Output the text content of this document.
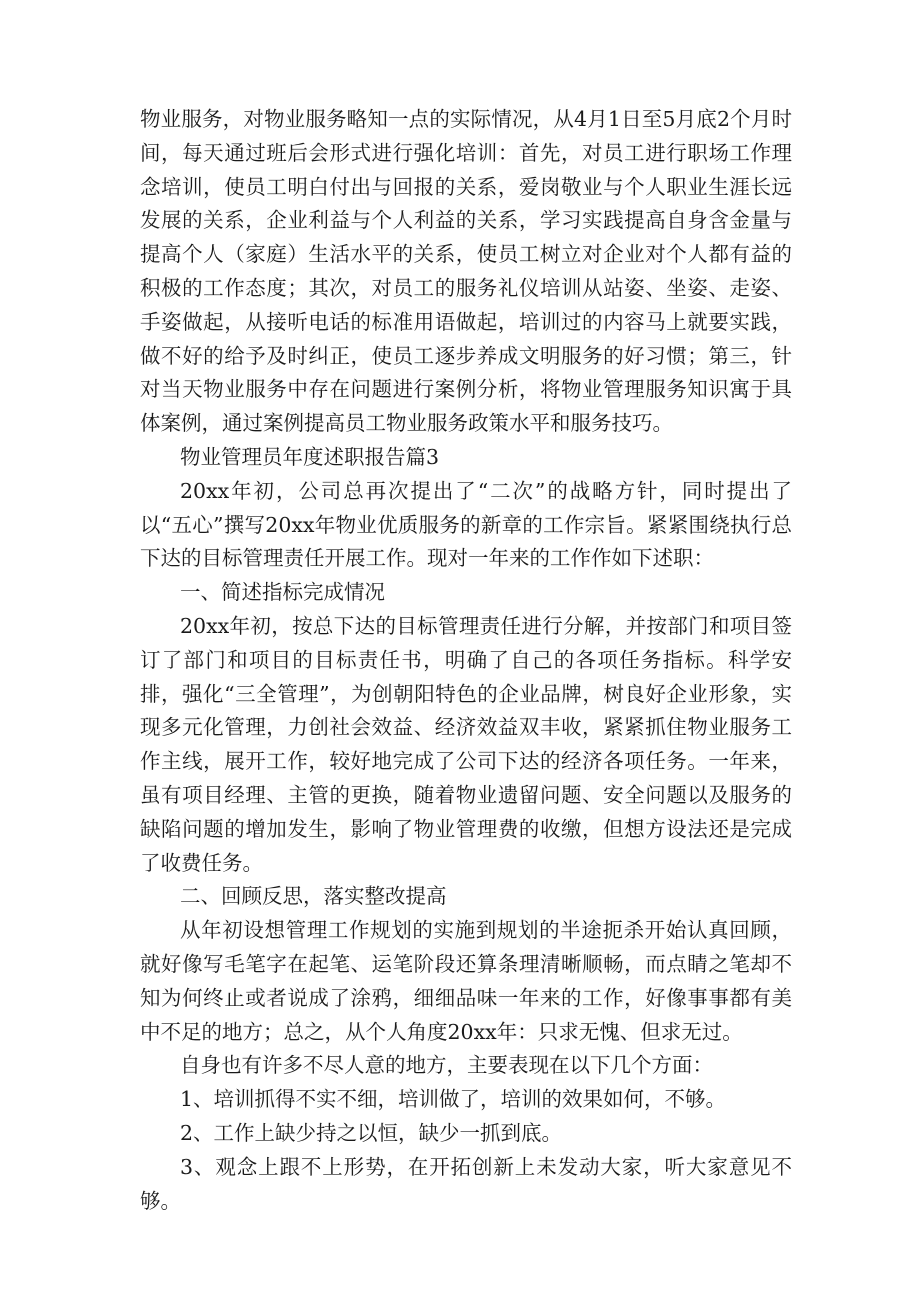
物业服务，对物业服务略知一点的实际情况，从4月1日至5月底2个月时间，每天通过班后会形式进行强化培训：首先，对员工进行职场工作理念培训，使员工明白付出与回报的关系，爱岗敬业与个人职业生涯长远发展的关系，企业利益与个人利益的关系，学习实践提高自身含金量与提高个人（家庭）生活水平的关系，使员工树立对企业对个人都有益的积极的工作态度；其次，对员工的服务礼仪培训从站姿、坐姿、走姿、手姿做起，从接听电话的标准用语做起，培训过的内容马上就要实践，做不好的给予及时纠正，使员工逐步养成文明服务的好习惯；第三，针对当天物业服务中存在问题进行案例分析，将物业管理服务知识寓于具体案例，通过案例提高员工物业服务政策水平和服务技巧。

物业管理员年度述职报告篇3

20xx年初，公司总再次提出了“二次”的战略方针，同时提出了以“五心”撰写20xx年物业优质服务的新章的工作宗旨。紧紧围绕执行总下达的目标管理责任开展工作。现对一年来的工作作如下述职：

一、简述指标完成情况

20xx年初，按总下达的目标管理责任进行分解，并按部门和项目签订了部门和项目的目标责任书，明确了自己的各项任务指标。科学安排，强化“三全管理”，为创朝阳特色的企业品牌，树良好企业形象，实现多元化管理，力创社会效益、经济效益双丰收，紧紧抓住物业服务工作主线，展开工作，较好地完成了公司下达的经济各项任务。一年来，虽有项目经理、主管的更换，随着物业遗留问题、安全问题以及服务的缺陷问题的增加发生，影响了物业管理费的收缴，但想方设法还是完成了收费任务。

二、回顾反思，落实整改提高

从年初设想管理工作规划的实施到规划的半途扼杀开始认真回顾，就好像写毛笔字在起笔、运笔阶段还算条理清晰顺畅，而点睛之笔却不知为何终止或者说成了涂鸦，细细品味一年来的工作，好像事事都有美中不足的地方；总之，从个人角度20xx年：只求无愧、但求无过。

自身也有许多不尽人意的地方，主要表现在以下几个方面：

1、培训抓得不实不细，培训做了，培训的效果如何，不够。

2、工作上缺少持之以恒，缺少一抓到底。

3、观念上跟不上形势，在开拓创新上未发动大家，听大家意见不够。
